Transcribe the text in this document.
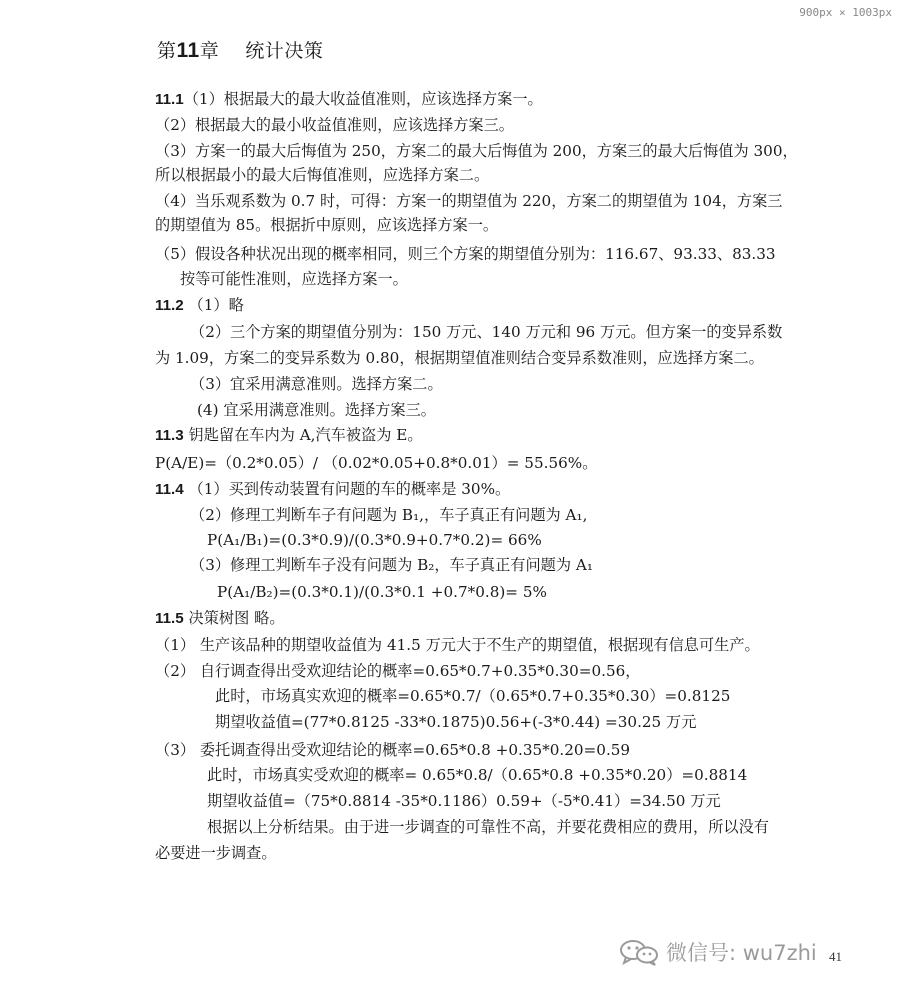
900px × 1003px
第11章 统计决策
11.1（1）根据最大的最大收益值准则，应该选择方案一。
（2）根据最大的最小收益值准则，应该选择方案三。
（3）方案一的最大后悔值为 250，方案二的最大后悔值为 200，方案三的最大后悔值为 300，
所以根据最小的最大后悔值准则，应选择方案二。
（4）当乐观系数为 0.7 时，可得：方案一的期望值为 220，方案二的期望值为 104，方案三
的期望值为 85。根据折中原则，应该选择方案一。
（5）假设各种状况出现的概率相同，则三个方案的期望值分别为：116.67、93.33、83.33
按等可能性准则，应选择方案一。
11.2 （1）略
（2）三个方案的期望值分别为：150 万元、140 万元和 96 万元。但方案一的变异系数
为 1.09，方案二的变异系数为 0.80，根据期望值准则结合变异系数准则，应选择方案二。
（3）宜采用满意准则。选择方案二。
(4) 宜采用满意准则。选择方案三。
11.3 钥匙留在车内为 A,汽车被盗为 E。
P(A/E)=（0.2*0.05）/ （0.02*0.05+0.8*0.01）= 55.56%。
11.4 （1）买到传动装置有问题的车的概率是 30%。
（2）修理工判断车子有问题为 B₁,，车子真正有问题为 A₁,
P(A₁/B₁)=(0.3*0.9)/(0.3*0.9+0.7*0.2)= 66%
（3）修理工判断车子没有问题为 B₂，车子真正有问题为 A₁
P(A₁/B₂)=(0.3*0.1)/(0.3*0.1 +0.7*0.8)= 5%
11.5 决策树图 略。
（1） 生产该品种的期望收益值为 41.5 万元大于不生产的期望值，根据现有信息可生产。
（2） 自行调查得出受欢迎结论的概率=0.65*0.7+0.35*0.30=0.56，
此时，市场真实欢迎的概率=0.65*0.7/（0.65*0.7+0.35*0.30）=0.8125
期望收益值=(77*0.8125 -33*0.1875)0.56+(-3*0.44) =30.25 万元
（3） 委托调查得出受欢迎结论的概率=0.65*0.8 +0.35*0.20=0.59
此时，市场真实受欢迎的概率= 0.65*0.8/（0.65*0.8 +0.35*0.20）=0.8814
期望收益值=（75*0.8814 -35*0.1186）0.59+（-5*0.41）=34.50 万元
根据以上分析结果。由于进一步调查的可靠性不高，并要花费相应的费用，所以没有
必要进一步调查。
微信号: wu7zhi 41
